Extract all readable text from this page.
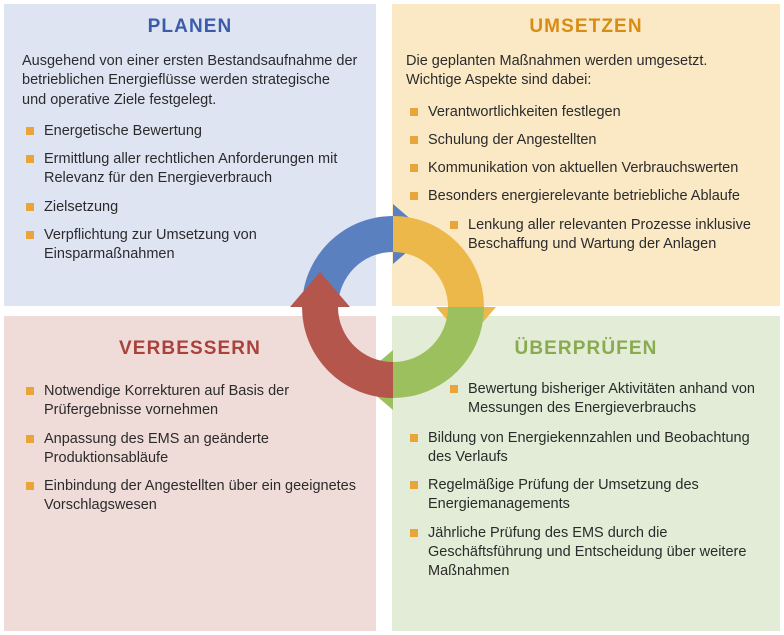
PLANEN

Ausgehend von einer ersten Bestandsaufnahme der betrieblichen Energieflüsse werden strategische und operative Ziele festgelegt.

Energetische Bewertung
Ermittlung aller rechtlichen Anforderungen mit Relevanz für den Energieverbrauch
Zielsetzung
Verpflichtung zur Umsetzung von Einsparmaßnahmen
UMSETZEN

Die geplanten Maßnahmen werden umgesetzt. Wichtige Aspekte sind dabei:

Verantwortlichkeiten festlegen
Schulung der Angestellten
Kommunikation von aktuellen Verbrauchswerten
Besonders energierelevante betriebliche Ablaufe
Lenkung aller relevanten Prozesse inklusive Beschaffung und Wartung der Anlagen
VERBESSERN
Notwendige Korrekturen auf Basis der Prüfergebnisse vornehmen
Anpassung des EMS an geänderte Produktionsabläufe
Einbindung der Angestellten über ein geeignetes Vorschlagswesen
ÜBERPRÜFEN
Bewertung bisheriger Aktivitäten anhand von Messungen des Energieverbrauchs
Bildung von Energiekennzahlen und Beobachtung des Verlaufs
Regelmäßige Prüfung der Umsetzung des Energiemanagements
Jährliche Prüfung des EMS durch die Geschäftsführung und Entscheidung über weitere Maßnahmen
